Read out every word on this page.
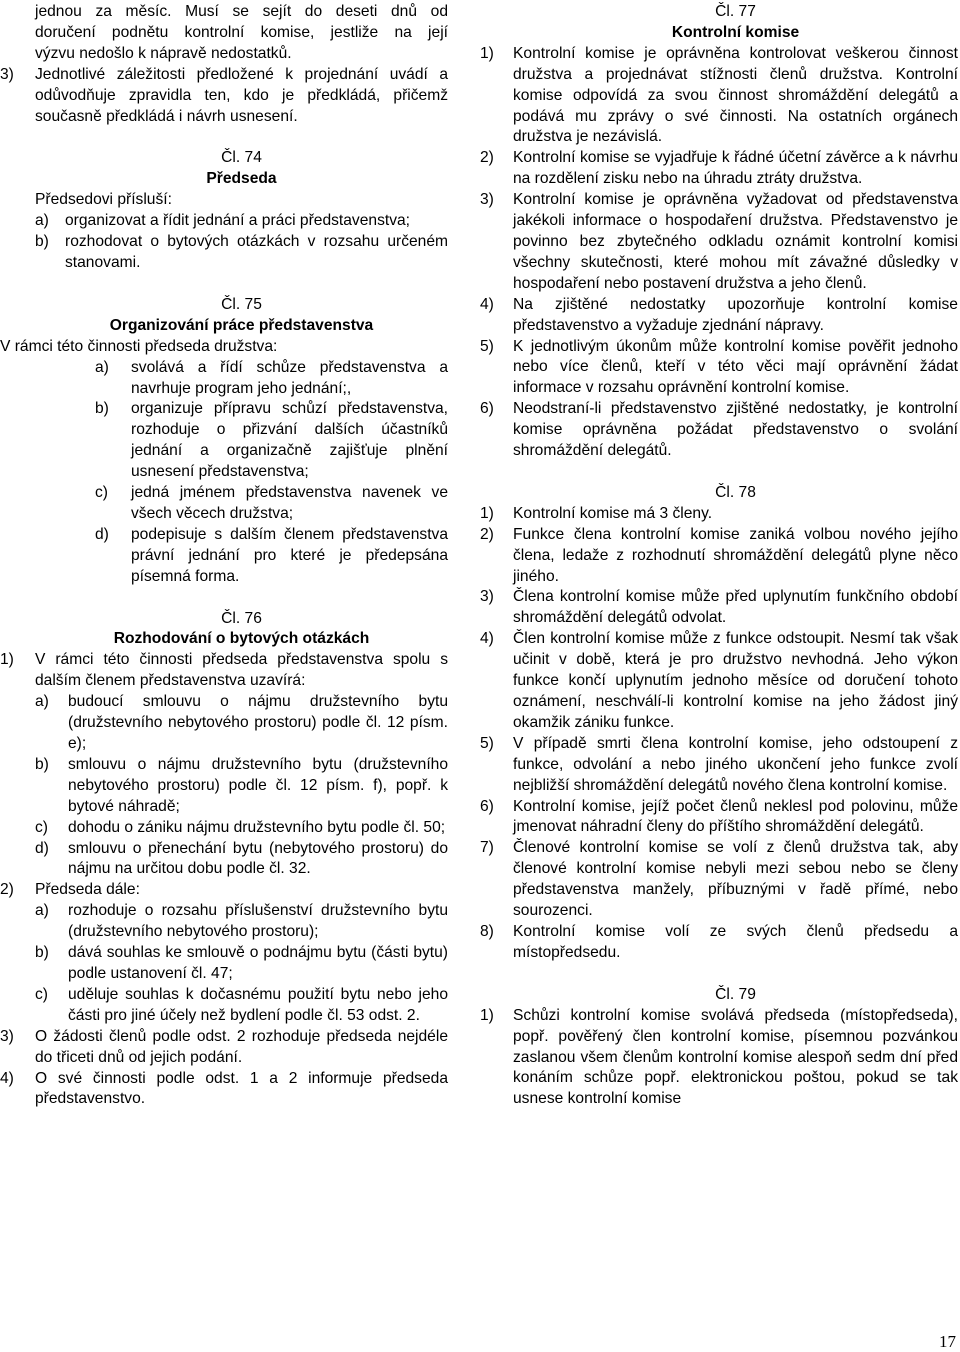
jednou za měsíc. Musí se sejít do deseti dnů od

doručení podnětu kontrolní komise, jestliže na její

výzvu nedošlo k nápravě nedostatků.

3)	Jednotlivé záležitosti předložené k projednání uvádí a odůvodňuje zpravidla ten, kdo je předkládá, přičemž současně předkládá i návrh usnesení.

Čl. 74

Předseda

Předsedovi přísluší:

a)	organizovat a řídit jednání a práci představenstva;
b)	rozhodovat o bytových otázkách v rozsahu určeném stanovami.

Čl. 75

Organizování práce představenstva

V rámci této činnosti předseda družstva:

a)	svolává a řídí schůze představenstva a navrhuje program jeho jednání;,
b)	organizuje přípravu schůzí představenstva, rozhoduje o přizvání dalších účastníků jednání a organizačně zajišťuje plnění usnesení představenstva;
c)	jedná jménem představenstva navenek ve všech věcech družstva;
d)	podepisuje s dalším členem představenstva právní jednání pro které je předepsána písemná forma.

Čl. 76

Rozhodování o bytových otázkách

1)	V rámci této činnosti předseda představenstva spolu s dalším členem představenstva uzavírá:
a)	budoucí smlouvu o nájmu družstevního bytu (družstevního nebytového prostoru) podle čl. 12 písm. e);
b)	smlouvu o nájmu družstevního bytu (družstevního nebytového prostoru) podle čl. 12 písm. f), popř. k bytové náhradě;
c)	dohodu o zániku nájmu družstevního bytu podle čl. 50;
d)	smlouvu o přenechání bytu (nebytového prostoru) do nájmu na určitou dobu podle čl. 32.
2)	Předseda dále:
a)	rozhoduje o rozsahu příslušenství družstevního bytu (družstevního nebytového prostoru);
b)	dává souhlas ke smlouvě o podnájmu bytu (části bytu) podle ustanovení čl. 47;
c)	uděluje souhlas k dočasnému použití bytu nebo jeho části pro jiné účely než bydlení podle čl. 53 odst. 2.
3)	O žádosti členů podle odst. 2 rozhoduje předseda nejdéle do třiceti dnů od jejich podání.
4)	O své činnosti podle odst. 1 a 2 informuje předseda představenstvo.

Čl. 77

Kontrolní komise

1)	Kontrolní komise je oprávněna kontrolovat veškerou činnost družstva a projednávat stížnosti členů družstva. Kontrolní komise odpovídá za svou činnost shromáždění delegátů a podává mu zprávy o své činnosti. Na ostatních orgánech družstva je nezávislá.
2)	Kontrolní komise se vyjadřuje k řádné účetní závěrce a k návrhu na rozdělení zisku nebo na úhradu ztráty družstva.
3)	Kontrolní komise je oprávněna vyžadovat od představenstva jakékoli informace o hospodaření družstva. Představenstvo je povinno bez zbytečného odkladu oznámit kontrolní komisi všechny skutečnosti, které mohou mít závažné důsledky v hospodaření nebo postavení družstva a jeho členů.
4)	Na zjištěné nedostatky upozorňuje kontrolní komise představenstvo a vyžaduje zjednání nápravy.
5)	K jednotlivým úkonům může kontrolní komise pověřit jednoho nebo více členů, kteří v této věci mají oprávnění žádat informace v rozsahu oprávnění kontrolní komise.
6)	Neodstraní-li představenstvo zjištěné nedostatky, je kontrolní komise oprávněna požádat představenstvo o svolání shromáždění delegátů.

Čl. 78

1)	Kontrolní komise má 3 členy.
2)	Funkce člena kontrolní komise zaniká volbou nového jejího člena, ledaže z rozhodnutí shromáždění delegátů plyne něco jiného.
3)	Člena kontrolní komise může před uplynutím funkčního období shromáždění delegátů odvolat.
4)	Člen kontrolní komise může z funkce odstoupit. Nesmí tak však učinit v době, která je pro družstvo nevhodná. Jeho výkon funkce končí uplynutím jednoho měsíce od doručení tohoto oznámení, neschválí-li kontrolní komise na jeho žádost jiný okamžik zániku funkce.
5)	V případě smrti člena kontrolní komise, jeho odstoupení z funkce, odvolání a nebo jiného ukončení jeho funkce zvolí nejbližší shromáždění delegátů nového člena kontrolní komise.
6)	Kontrolní komise, jejíž počet členů neklesl pod polovinu, může jmenovat náhradní členy do příštího shromáždění delegátů.
7)	Členové kontrolní komise se volí z členů družstva tak, aby členové kontrolní komise nebyli mezi sebou nebo se členy představenstva manžely, příbuznými v řadě přímé, nebo sourozenci.
8)	Kontrolní komise volí ze svých členů předsedu a místopředsedu.

Čl. 79

1)	Schůzi kontrolní komise svolává předseda (místopředseda), popř. pověřený člen kontrolní komise, písemnou pozvánkou zaslanou všem členům kontrolní komise alespoň sedm dní před konáním schůze popř. elektronickou poštou, pokud se tak usnese kontrolní komise
17
